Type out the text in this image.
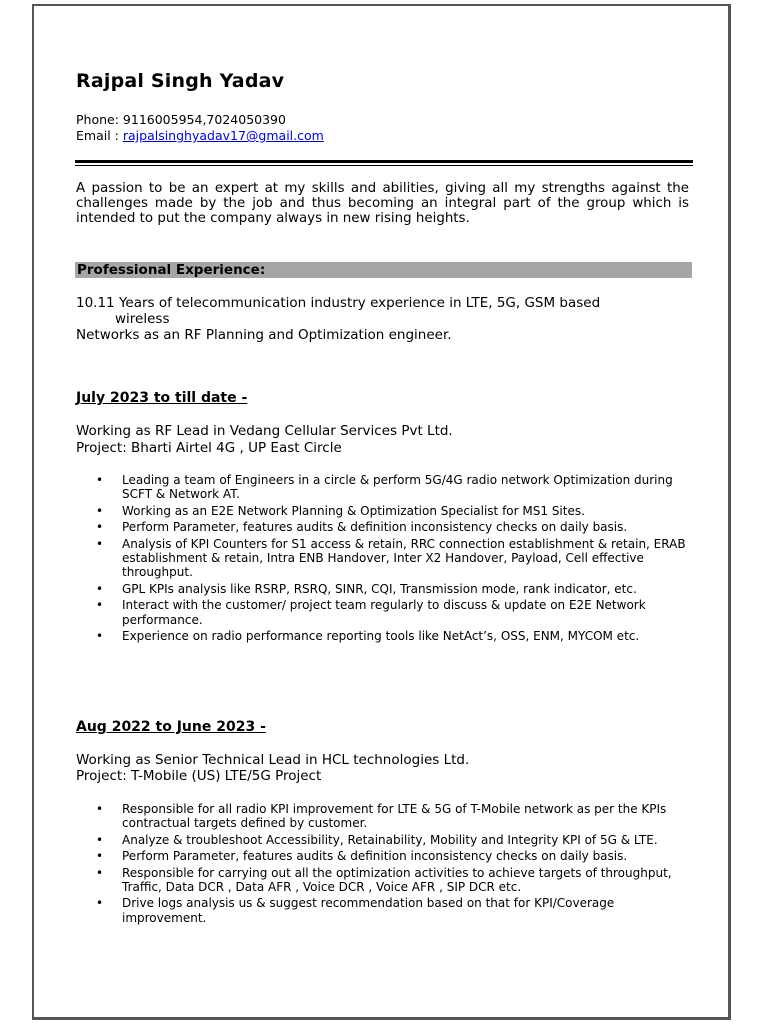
Rajpal Singh Yadav
Phone: 9116005954,7024050390
Email : rajpalsinghyadav17@gmail.com
A passion to be an expert at my skills and abilities, giving all my strengths against the challenges made by the job and thus becoming an integral part of the group which is intended to put the company always in new rising heights.
Professional Experience:
10.11 Years of telecommunication industry experience in LTE, 5G, GSM based
wireless
Networks as an RF Planning and Optimization engineer.
July 2023 to till date -
Working as RF Lead in Vedang Cellular Services Pvt Ltd.
Project: Bharti Airtel 4G , UP East Circle
• Leading a team of Engineers in a circle & perform 5G/4G radio network Optimization during SCFT & Network AT.
• Working as an E2E Network Planning & Optimization Specialist for MS1 Sites.
• Perform Parameter, features audits & definition inconsistency checks on daily basis.
• Analysis of KPI Counters for S1 access & retain, RRC connection establishment & retain, ERAB establishment & retain, Intra ENB Handover, Inter X2 Handover, Payload, Cell effective throughput.
• GPL KPIs analysis like RSRP, RSRQ, SINR, CQI, Transmission mode, rank indicator, etc.
• Interact with the customer/ project team regularly to discuss & update on E2E Network performance.
• Experience on radio performance reporting tools like NetAct’s, OSS, ENM, MYCOM etc.
Aug 2022 to June 2023 -
Working as Senior Technical Lead in HCL technologies Ltd.
Project: T-Mobile (US) LTE/5G Project
• Responsible for all radio KPI improvement for LTE & 5G of T-Mobile network as per the KPIs contractual targets defined by customer.
• Analyze & troubleshoot Accessibility, Retainability, Mobility and Integrity KPI of 5G & LTE.
• Perform Parameter, features audits & definition inconsistency checks on daily basis.
• Responsible for carrying out all the optimization activities to achieve targets of throughput, Traffic, Data DCR , Data AFR , Voice DCR , Voice AFR , SIP DCR etc.
• Drive logs analysis us & suggest recommendation based on that for KPI/Coverage improvement.
